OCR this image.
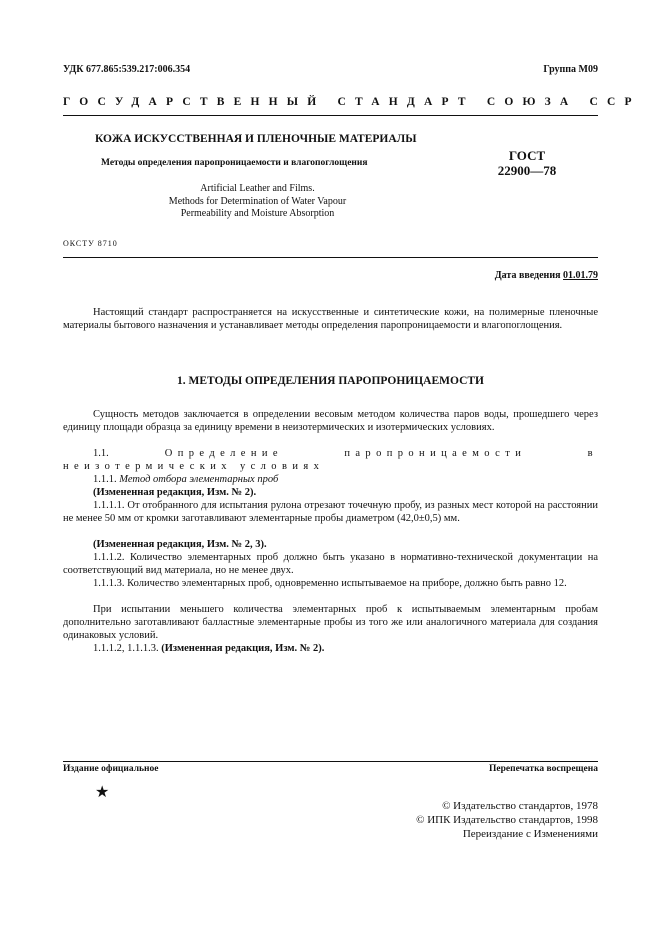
УДК 677.865:539.217:006.354	Группа М09
ГОСУДАРСТВЕННЫЙ СТАНДАРТ СОЮЗА ССР
КОЖА ИСКУССТВЕННАЯ И ПЛЕНОЧНЫЕ МАТЕРИАЛЫ
Методы определения паропроницаемости и влагопоглощения	ГОСТ
22900—78
Artificial Leather and Films.
Methods for Determination of Water Vapour
Permeability and Moisture Absorption
ОКСТУ 8710
Дата введения 01.01.79
Настоящий стандарт распространяется на искусственные и синтетические кожи, на полимерные пленочные материалы бытового назначения и устанавливает методы определения паропроницаемости и влагопоглощения.
1. МЕТОДЫ ОПРЕДЕЛЕНИЯ ПАРОПРОНИЦАЕМОСТИ
Сущность методов заключается в определении весовым методом количества паров воды, прошедшего через единицу площади образца за единицу времени в неизотермических и изотермических условиях.
1.1.	Определение паропроницаемости в неизотермических условиях
1.1.1. Метод отбора элементарных проб
(Измененная редакция, Изм. № 2).
1.1.1.1. От отобранного для испытания рулона отрезают точечную пробу, из разных мест которой на расстоянии не менее 50 мм от кромки заготавливают элементарные пробы диаметром (42,0±0,5) мм.
(Измененная редакция, Изм. № 2, 3).
1.1.1.2. Количество элементарных проб должно быть указано в нормативно-технической документации на соответствующий вид материала, но не менее двух.
1.1.1.3. Количество элементарных проб, одновременно испытываемое на приборе, должно быть равно 12.
При испытании меньшего количества элементарных проб к испытываемым элементарным пробам дополнительно заготавливают балластные элементарные пробы из того же или аналогичного материала для создания одинаковых условий.
1.1.1.2, 1.1.1.3. (Измененная редакция, Изм. № 2).
Издание официальное	Перепечатка воспрещена
★
© Издательство стандартов, 1978
© ИПК Издательство стандартов, 1998
Переиздание с Изменениями
